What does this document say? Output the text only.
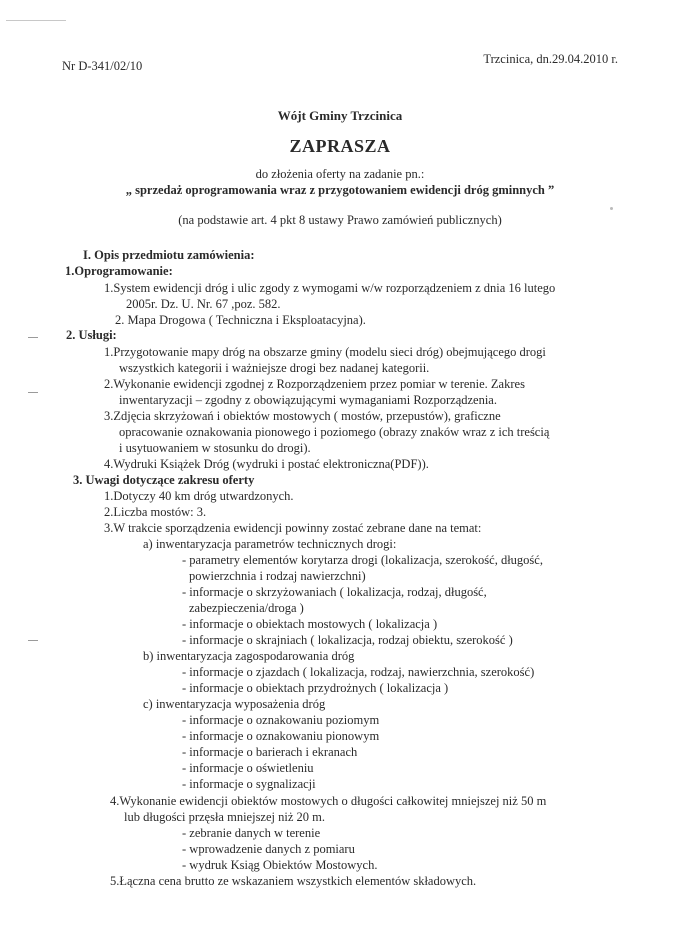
Nr D-341/02/10	Trzcinica, dn.29.04.2010 r.
Wójt Gminy Trzcinica
ZAPRASZA
do złożenia oferty na zadanie pn.:
„ sprzedaż oprogramowania wraz z przygotowaniem ewidencji dróg gminnych ”
(na podstawie art. 4 pkt 8 ustawy Prawo zamówień publicznych)
I. Opis przedmiotu zamówienia:
1.Oprogramowanie:
1.System ewidencji dróg i ulic zgody z wymogami w/w rozporządzeniem z dnia 16 lutego
2005r. Dz. U. Nr. 67 ,poz. 582.
2. Mapa Drogowa ( Techniczna i Eksploatacyjna).
2. Usługi:
1.Przygotowanie mapy dróg na obszarze gminy (modelu sieci dróg) obejmującego drogi
wszystkich kategorii i ważniejsze drogi bez nadanej kategorii.
2.Wykonanie ewidencji zgodnej z Rozporządzeniem przez pomiar w terenie. Zakres
inwentaryzacji – zgodny z obowiązującymi wymaganiami Rozporządzenia.
3.Zdjęcia skrzyżowań i obiektów mostowych ( mostów, przepustów), graficzne
opracowanie oznakowania pionowego i poziomego (obrazy znaków wraz z ich treścią
i usytuowaniem w stosunku do drogi).
4.Wydruki Książek Dróg (wydruki i postać elektroniczna(PDF)).
3. Uwagi dotyczące zakresu oferty
1.Dotyczy 40 km dróg utwardzonych.
2.Liczba mostów: 3.
3.W trakcie sporządzenia ewidencji powinny zostać zebrane dane na temat:
a) inwentaryzacja parametrów technicznych drogi:
- parametry elementów korytarza drogi (lokalizacja, szerokość, długość,
powierzchnia i rodzaj nawierzchni)
- informacje o skrzyżowaniach ( lokalizacja, rodzaj, długość,
zabezpieczenia/droga )
- informacje o obiektach mostowych ( lokalizacja )
- informacje o skrajniach ( lokalizacja, rodzaj obiektu, szerokość )
b) inwentaryzacja zagospodarowania dróg
- informacje o zjazdach ( lokalizacja, rodzaj, nawierzchnia, szerokość)
- informacje o obiektach przydrożnych ( lokalizacja )
c) inwentaryzacja wyposażenia dróg
- informacje o oznakowaniu poziomym
- informacje o oznakowaniu pionowym
- informacje o barierach i ekranach
- informacje o oświetleniu
- informacje o sygnalizacji
4.Wykonanie ewidencji obiektów mostowych o długości całkowitej mniejszej niż 50 m
lub długości przęsła mniejszej niż 20 m.
- zebranie danych w terenie
- wprowadzenie danych z pomiaru
- wydruk Ksiąg Obiektów Mostowych.
5.Łączna cena brutto ze wskazaniem wszystkich elementów składowych.
